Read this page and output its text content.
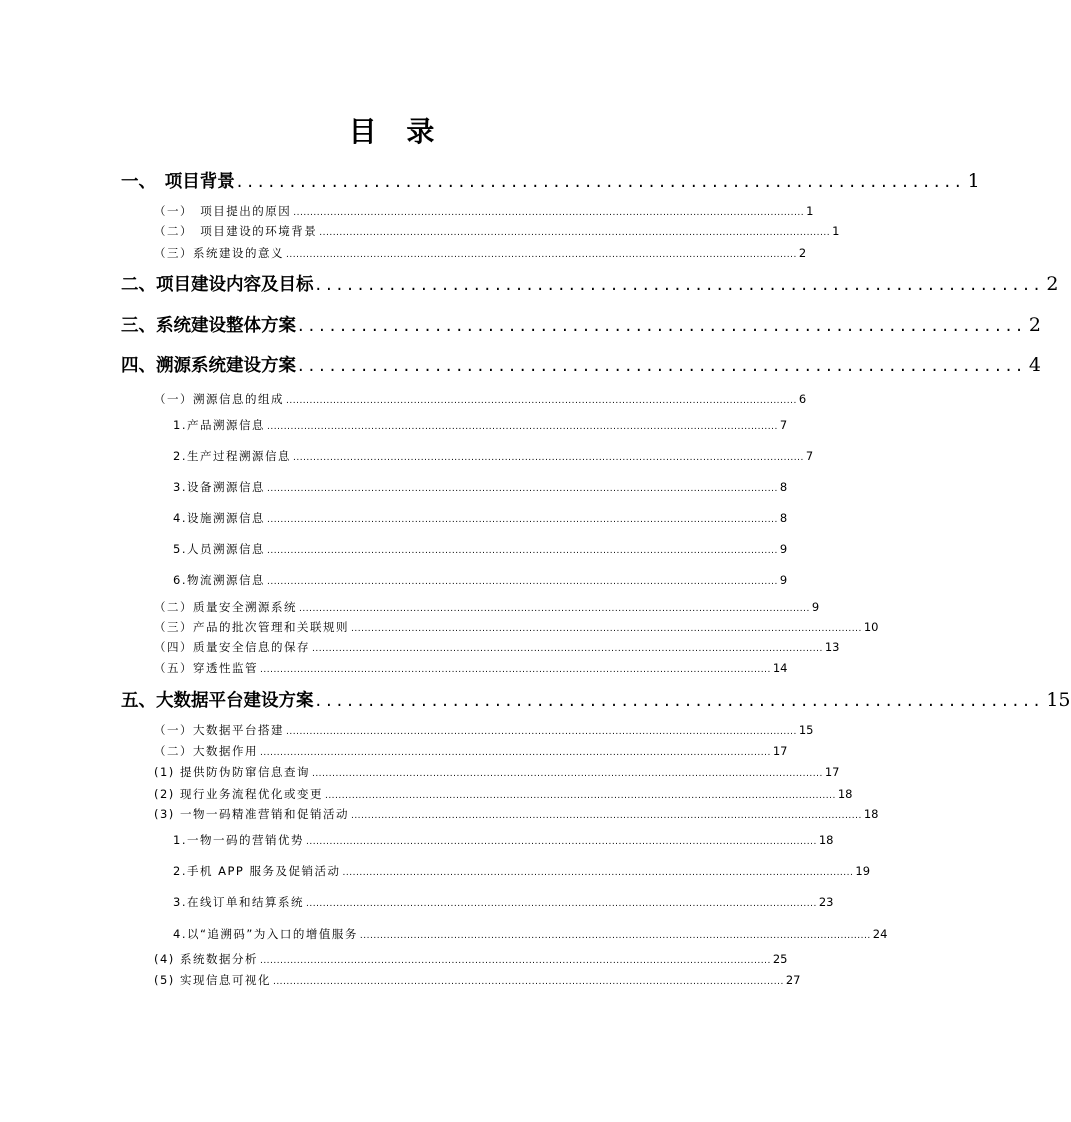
目 录
一、　项目背景 ..................................................................... 1
（一）　项目提出的原因 ........................................................................................................................................................ 1
（二）　项目建设的环境背景 ........................................................................................................................................................ 1
（三）系统建设的意义 ........................................................................................................................................................ 2
二、项目建设内容及目标 ..................................................................... 2
三、系统建设整体方案 ..................................................................... 2
四、溯源系统建设方案 ..................................................................... 4
（一）溯源信息的组成 ........................................................................................................................................................ 6
1.产品溯源信息 ........................................................................................................................................................ 7
2.生产过程溯源信息 ........................................................................................................................................................ 7
3.设备溯源信息 ........................................................................................................................................................ 8
4.设施溯源信息 ........................................................................................................................................................ 8
5.人员溯源信息 ........................................................................................................................................................ 9
6.物流溯源信息 ........................................................................................................................................................ 9
（二）质量安全溯源系统 ........................................................................................................................................................ 9
（三）产品的批次管理和关联规则 ........................................................................................................................................................ 10
（四）质量安全信息的保存 ........................................................................................................................................................ 13
（五）穿透性监管 ........................................................................................................................................................ 14
五、大数据平台建设方案 ..................................................................... 15
（一）大数据平台搭建 ........................................................................................................................................................ 15
（二）大数据作用 ........................................................................................................................................................ 17
(1) 提供防伪防窜信息查询 ........................................................................................................................................................ 17
(2) 现行业务流程优化或变更 ........................................................................................................................................................ 18
(3) 一物一码精准营销和促销活动 ........................................................................................................................................................ 18
1.一物一码的营销优势 ........................................................................................................................................................ 18
2.手机 APP 服务及促销活动 ........................................................................................................................................................ 19
3.在线订单和结算系统 ........................................................................................................................................................ 23
4.以“追溯码”为入口的增值服务 ........................................................................................................................................................ 24
(4) 系统数据分析 ........................................................................................................................................................ 25
(5) 实现信息可视化 ........................................................................................................................................................ 27
